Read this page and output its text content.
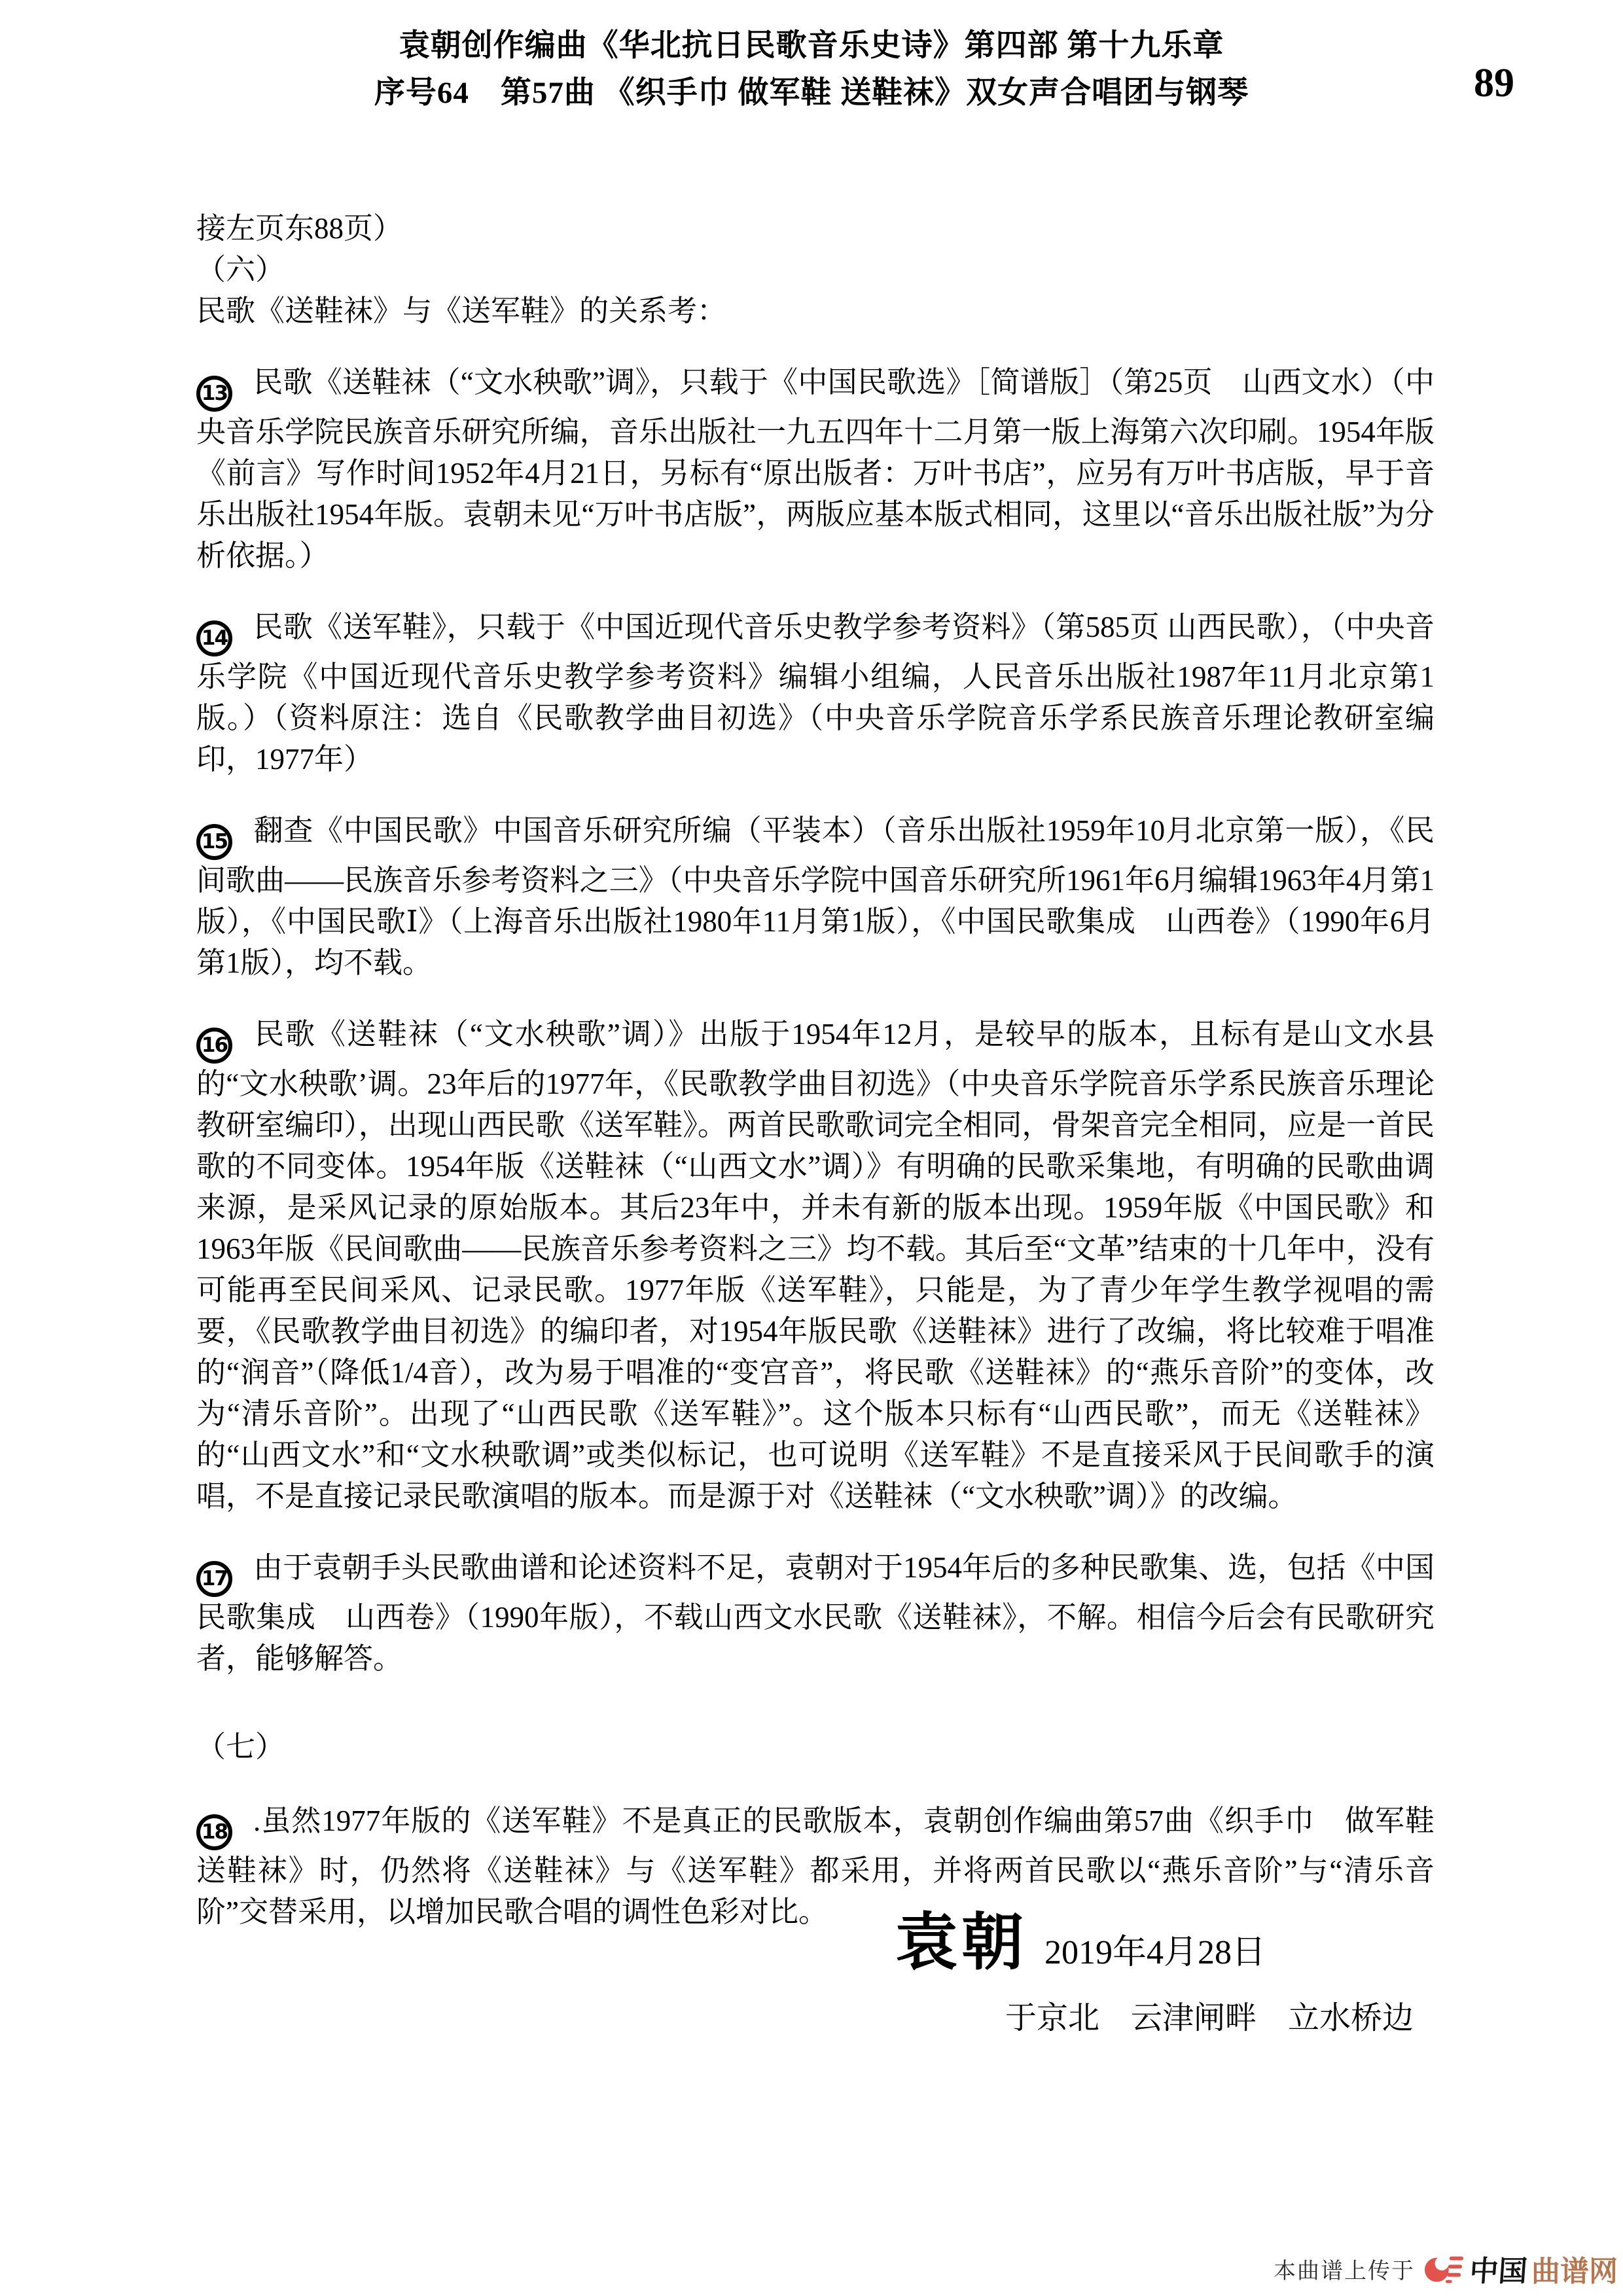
89
袁朝创作编曲《华北抗日民歌音乐史诗》第四部 第十九乐章
序号64　第57曲 《织手巾 做军鞋 送鞋袜》双女声合唱团与钢琴
接左页东88页）
（六）
民歌《送鞋袜》与《送军鞋》的关系考：

13 民歌《送鞋袜（“文水秧歌”调》，只载于《中国民歌选》［简谱版］（第25页　山西文水）（中央音乐学院民族音乐研究所编，音乐出版社一九五四年十二月第一版上海第六次印刷。1954年版《前言》写作时间1952年4月21日，另标有“原出版者：万叶书店”，应另有万叶书店版，早于音乐出版社1954年版。袁朝未见“万叶书店版”，两版应基本版式相同，这里以“音乐出版社版”为分析依据。）

14 民歌《送军鞋》，只载于《中国近现代音乐史教学参考资料》（第585页 山西民歌），（中央音乐学院《中国近现代音乐史教学参考资料》编辑小组编，人民音乐出版社1987年11月北京第1版。）（资料原注：选自《民歌教学曲目初选》（中央音乐学院音乐学系民族音乐理论教研室编印，1977年）

15 翻查《中国民歌》中国音乐研究所编（平装本）（音乐出版社1959年10月北京第一版），《民间歌曲——民族音乐参考资料之三》（中央音乐学院中国音乐研究所1961年6月编辑1963年4月第1版），《中国民歌Ⅰ》（上海音乐出版社1980年11月第1版），《中国民歌集成　山西卷》（1990年6月第1版），均不载。

16 民歌《送鞋袜（“文水秧歌”调）》出版于1954年12月，是较早的版本，且标有是山文水县的“文水秧歌’调。23年后的1977年，《民歌教学曲目初选》（中央音乐学院音乐学系民族音乐理论教研室编印），出现山西民歌《送军鞋》。两首民歌歌词完全相同，骨架音完全相同，应是一首民歌的不同变体。1954年版《送鞋袜（“山西文水”调）》有明确的民歌采集地，有明确的民歌曲调来源，是采风记录的原始版本。其后23年中，并未有新的版本出现。1959年版《中国民歌》和1963年版《民间歌曲——民族音乐参考资料之三》均不载。其后至“文革”结束的十几年中，没有可能再至民间采风、记录民歌。1977年版《送军鞋》，只能是，为了青少年学生教学视唱的需要，《民歌教学曲目初选》的编印者，对1954年版民歌《送鞋袜》进行了改编，将比较难于唱准的“润音”（降低1/4音），改为易于唱准的“变宫音”，将民歌《送鞋袜》的“燕乐音阶”的变体，改为“清乐音阶”。出现了“山西民歌《送军鞋》”。这个版本只标有“山西民歌”，而无《送鞋袜》的“山西文水”和“文水秧歌调”或类似标记，也可说明《送军鞋》不是直接采风于民间歌手的演唱，不是直接记录民歌演唱的版本。而是源于对《送鞋袜（“文水秧歌”调）》的改编。

17 由于袁朝手头民歌曲谱和论述资料不足，袁朝对于1954年后的多种民歌集、选，包括《中国民歌集成　山西卷》（1990年版），不载山西文水民歌《送鞋袜》，不解。相信今后会有民歌研究者，能够解答。

（七）

18 .虽然1977年版的《送军鞋》不是真正的民歌版本，袁朝创作编曲第57曲《织手巾　做军鞋 送鞋袜》时，仍然将《送鞋袜》与《送军鞋》都采用，并将两首民歌以“燕乐音阶”与“清乐音阶”交替采用，以增加民歌合唱的调性色彩对比。	袁朝 2019年4月28日
于京北　云津闸畔　立水桥边
本曲谱上传于 中国 曲谱网
